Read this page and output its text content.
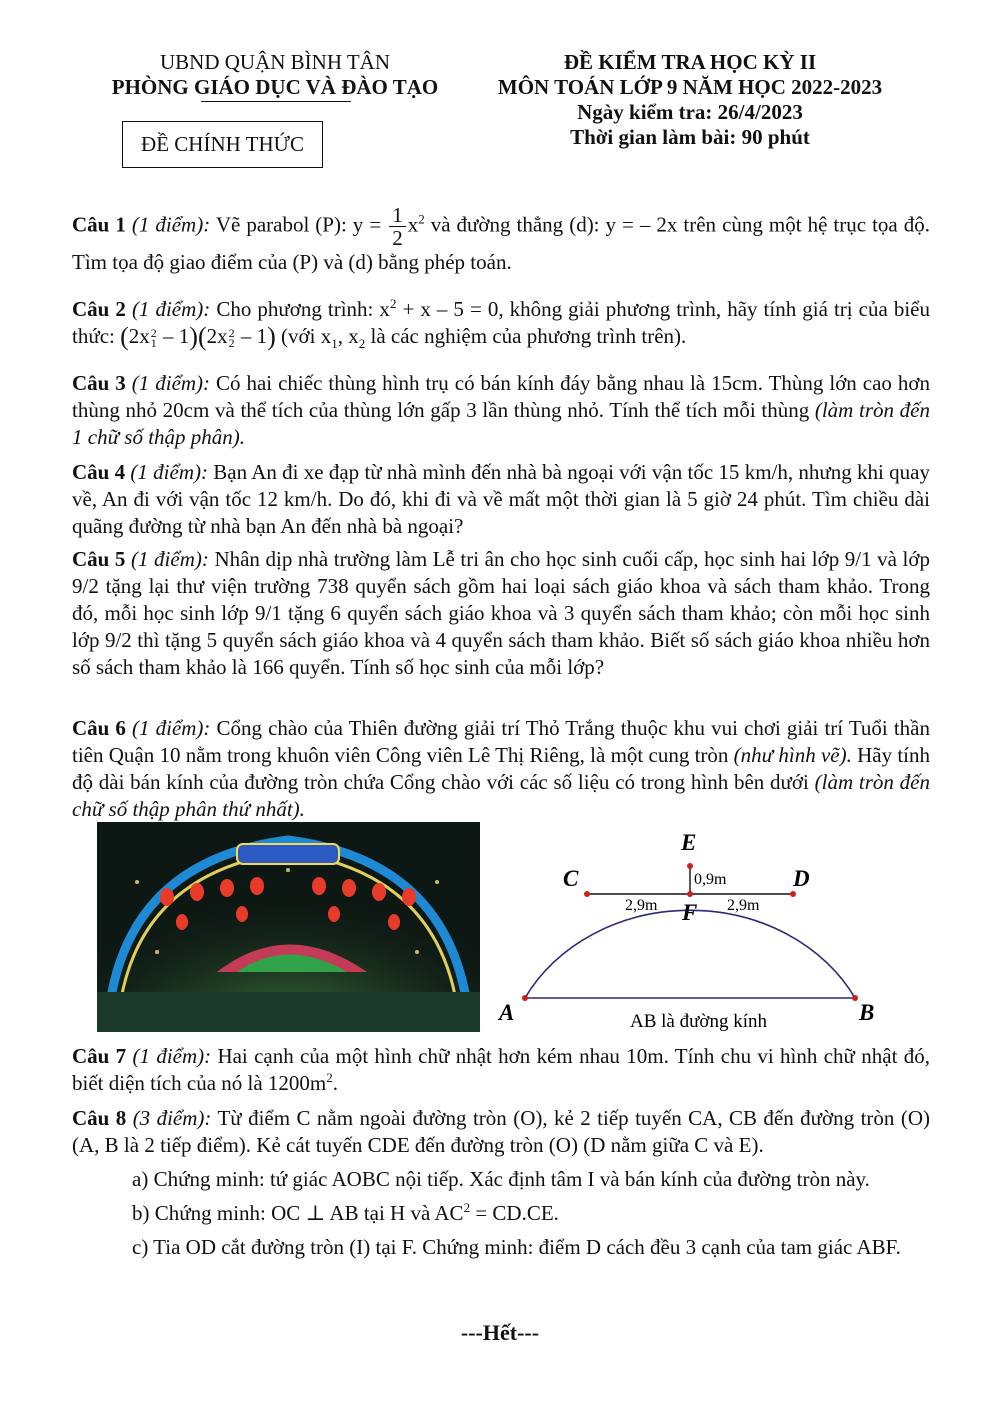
UBND QUẬN BÌNH TÂN
PHÒNG GIÁO DỤC VÀ ĐÀO TẠO
ĐỀ CHÍNH THỨC
ĐỀ KIỂM TRA HỌC KỲ II
MÔN TOÁN LỚP 9 NĂM HỌC 2022-2023
Ngày kiểm tra: 26/4/2023
Thời gian làm bài: 90 phút
Câu 1 (1 điểm): Vẽ parabol (P): $y = \frac{1}{2} x^2$ và đường thẳng (d): y = – 2x trên cùng một hệ trục tọa độ. Tìm tọa độ giao điểm của (P) và (d) bằng phép toán.
Câu 2 (1 điểm): Cho phương trình: $x^2 + x - 5 = 0$, không giải phương trình, hãy tính giá trị của biểu thức: (2x 2
1 – 1)(2x 2
2 – 1) (với $x_1$, $x_2$ là các nghiệm của phương trình trên).
Câu 3 (1 điểm): Có hai chiếc thùng hình trụ có bán kính đáy bằng nhau là 15cm. Thùng lớn cao hơn thùng nhỏ 20cm và thể tích của thùng lớn gấp 3 lần thùng nhỏ. Tính thể tích mỗi thùng (làm tròn đến 1 chữ số thập phân).
Câu 4 (1 điểm): Bạn An đi xe đạp từ nhà mình đến nhà bà ngoại với vận tốc 15 km/h, nhưng khi quay về, An đi với vận tốc 12 km/h. Do đó, khi đi và về mất một thời gian là 5 giờ 24 phút. Tìm chiều dài quãng đường từ nhà bạn An đến nhà bà ngoại?
Câu 5 (1 điểm): Nhân dịp nhà trường làm Lễ tri ân cho học sinh cuối cấp, học sinh hai lớp 9/1 và lớp 9/2 tặng lại thư viện trường 738 quyển sách gồm hai loại sách giáo khoa và sách tham khảo. Trong đó, mỗi học sinh lớp 9/1 tặng 6 quyển sách giáo khoa và 3 quyển sách tham khảo; còn mỗi học sinh lớp 9/2 thì tặng 5 quyển sách giáo khoa và 4 quyển sách tham khảo. Biết số sách giáo khoa nhiều hơn số sách tham khảo là 166 quyển. Tính số học sinh của mỗi lớp?
Câu 6 (1 điểm): Cổng chào của Thiên đường giải trí Thỏ Trắng thuộc khu vui chơi giải trí Tuổi thần tiên Quận 10 nằm trong khuôn viên Công viên Lê Thị Riêng, là một cung tròn (như hình vẽ). Hãy tính độ dài bán kính của đường tròn chứa Cổng chào với các số liệu có trong hình bên dưới (làm tròn đến chữ số thập phân thứ nhất).
E
C	D
F
A	B
0,9m
2,9m	2,9m
AB là đường kính
Câu 7 (1 điểm): Hai cạnh của một hình chữ nhật hơn kém nhau 10m. Tính chu vi hình chữ nhật đó, biết diện tích của nó là $1200m^2$.
Câu 8 (3 điểm): Từ điểm C nằm ngoài đường tròn (O), kẻ 2 tiếp tuyến CA, CB đến đường tròn (O) (A, B là 2 tiếp điểm). Kẻ cát tuyến CDE đến đường tròn (O) (D nằm giữa C và E).
a) Chứng minh: tứ giác AOBC nội tiếp. Xác định tâm I và bán kính của đường tròn này.
b) Chứng minh: OC ⊥ AB tại H và $AC^2 = CD.CE$.
c) Tia OD cắt đường tròn (I) tại F. Chứng minh: điểm D cách đều 3 cạnh của tam giác ABF.
---Hết---
